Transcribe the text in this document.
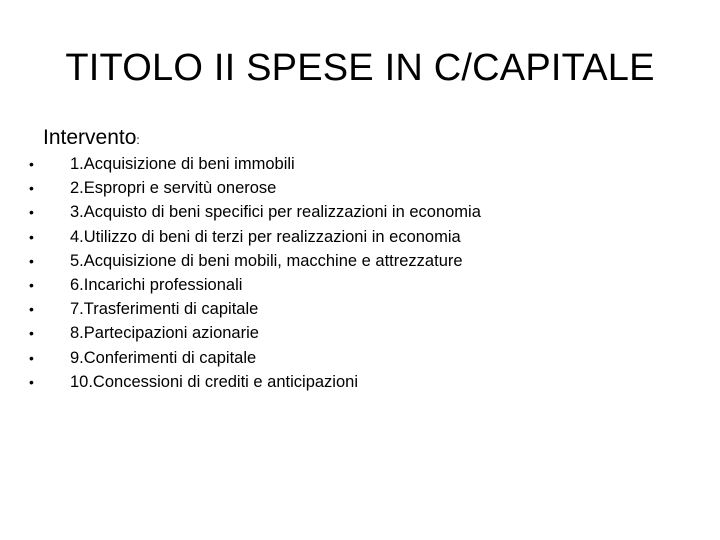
TITOLO II SPESE IN C/CAPITALE
Intervento:
• 1.Acquisizione di beni immobili
• 2.Espropri e servitù onerose
• 3.Acquisto di beni specifici per realizzazioni in economia
• 4.Utilizzo di beni di terzi per realizzazioni in economia
• 5.Acquisizione di beni mobili, macchine e attrezzature
• 6.Incarichi professionali
• 7.Trasferimenti di capitale
• 8.Partecipazioni azionarie
• 9.Conferimenti di capitale
• 10.Concessioni di crediti e anticipazioni
